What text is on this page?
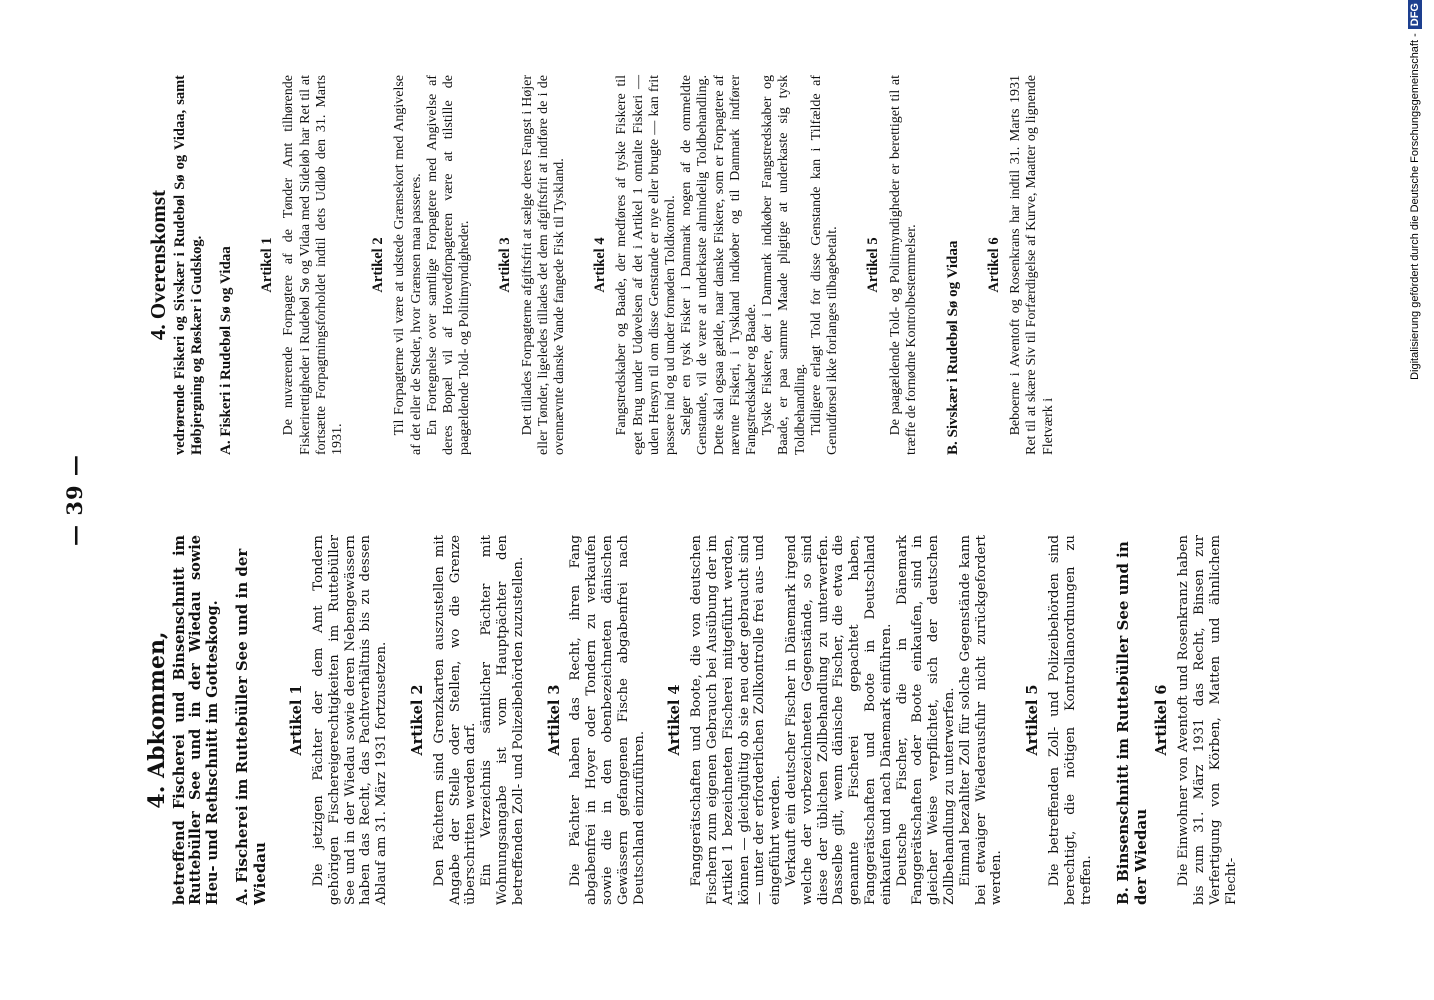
— 39 —
4. Abkommen, betreffend Fischerei und Binsenschnitt im Ruttebüller See und in der Wiedau sowie Heu- und Rethschnitt im Gotteskoog. A. Fischerei im Ruttebüller See und in der Wiedau
Artikel 1 Die jetzigen Pächter der dem Amt Tondern gehörigen Fischereigerechtigkeiten im Ruttebüller See und in der Wiedau sowie deren Nebengewässern haben das Recht, das Pachtverhältnis bis zu dessen Ablauf am 31. März 1931 fortzusetzen. Artikel 2 Den Pächtern sind Grenzkarten auszustellen mit Angabe der Stelle oder Stellen, wo die Grenze überschritten werden darf. Ein Verzeichnis sämtlicher Pächter mit Wohnungsangabe ist vom Hauptpächter den betreffenden Zoll- und Polizeibehörden zuzustellen. Artikel 3 Die Pächter haben das Recht, ihren Fang abgabenfrei in Hoyer oder Tondern zu verkaufen sowie die in den obenbezeichneten dänischen Gewässern gefangenen Fische abgabenfrei nach Deutschland einzuführen.

Artikel 4 Fanggerätschaften und Boote, die von deutschen Fischern zum eigenen Gebrauch bei Ausübung der im Artikel 1 bezeichneten Fischerei mitgeführt werden, können — gleichgültig ob sie neu oder gebraucht sind — unter der erforderlichen Zollkontrolle frei aus- und eingeführt werden. Verkauft ein deutscher Fischer in Dänemark irgend welche der vorbezeichneten Gegenstände, so sind diese der üblichen Zollbehandlung zu unterwerfen. Dasselbe gilt, wenn dänische Fischer, die etwa die genannte Fischerei gepachtet haben, Fanggerätschaften und Boote in Deutschland einkaufen und nach Dänemark einführen. Deutsche Fischer, die in Dänemark Fanggerätschaften oder Boote einkaufen, sind in gleicher Weise verpflichtet, sich der deutschen Zollbehandlung zu unterwerfen. Einmal bezahlter Zoll für solche Gegenstände kann bei etwaiger Wiederausfuhr nicht zurückgefordert werden.

Artikel 5 Die betreffenden Zoll- und Polizeibehörden sind berechtigt, die nötigen Kontrollanordnungen zu treffen. B. Binsenschnitt im Ruttebüller See und in der Wiedau
Artikel 6 Die Einwohner von Aventoft und Rosenkranz haben bis zum 31. März 1931 das Recht, Binsen zur Verfertigung von Körben, Matten und ähnlichem Flecht-

4. Overenskomst vedrørende Fiskeri og Sivskær i Rudebøl Sø og Vidaa, samt Høbjergning og Røskær i Gudskog. A. Fiskeri i Rudebøl Sø og Vidaa Artikel 1 De nuværende Forpagtere af de Tønder Amt tilhørende Fiskerirettigheder i Rudebøl Sø og Vidaa med Sideløb har Ret til at fortsætte Forpagtningsforholdet indtil dets Udløb den 31. Marts 1931.

Artikel 2 Til Forpagterne vil være at udstede Grænsekort med Angivelse af det eller de Steder, hvor Grænsen maa passeres. En Fortegnelse over samtlige Forpagtere med Angivelse af deres Bopæl vil af Hovedforpagteren være at tilstille de paagældende Told- og Politimyndigheder. Artikel 3 Det tillades Forpagterne afgiftsfrit at sælge deres Fangst i Højer eller Tønder, ligeledes tillades det dem afgiftsfrit at indføre de i de ovennævnte danske Vande fangede Fisk til Tyskland. Artikel 4 Fangstredskaber og Baade, der medføres af tyske Fiskere til eget Brug under Udøvelsen af det i Artikel 1 omtalte Fiskeri — uden Hensyn til om disse Genstande er nye eller brugte — kan frit passere ind og ud under fornøden Toldkontrol. Sælger en tysk Fisker i Danmark nogen af de ommeldte Genstande, vil de være at underkaste almindelig Toldbehandling. Dette skal ogsaa gælde, naar danske Fiskere, som er Forpagtere af nævnte Fiskeri, i Tyskland indkøber og til Danmark indfører Fangstredskaber og Baade. Tyske Fiskere, der i Danmark indkøber Fangstredskaber og Baade, er paa samme Maade pligtige at underkaste sig tysk Toldbehandling. Tidligere erlagt Told for disse Genstande kan i Tilfælde af Genudførsel ikke forlanges tilbagebetalt. Artikel 5 De paagældende Told- og Politimyndigheder er berettiget til at træffe de fornødne Kontrolbestemmelser. B. Sivskær i Rudebøl Sø og Vidaa Artikel 6 Beboerne i Aventoft og Rosenkrans har indtil 31. Marts 1931 Ret til at skære Siv til Forfærdigelse af Kurve, Maatter og lignende Fletværk i

Digitalisierung gefördert durch die Deutsche Forschungsgemeinschaft -DFG
